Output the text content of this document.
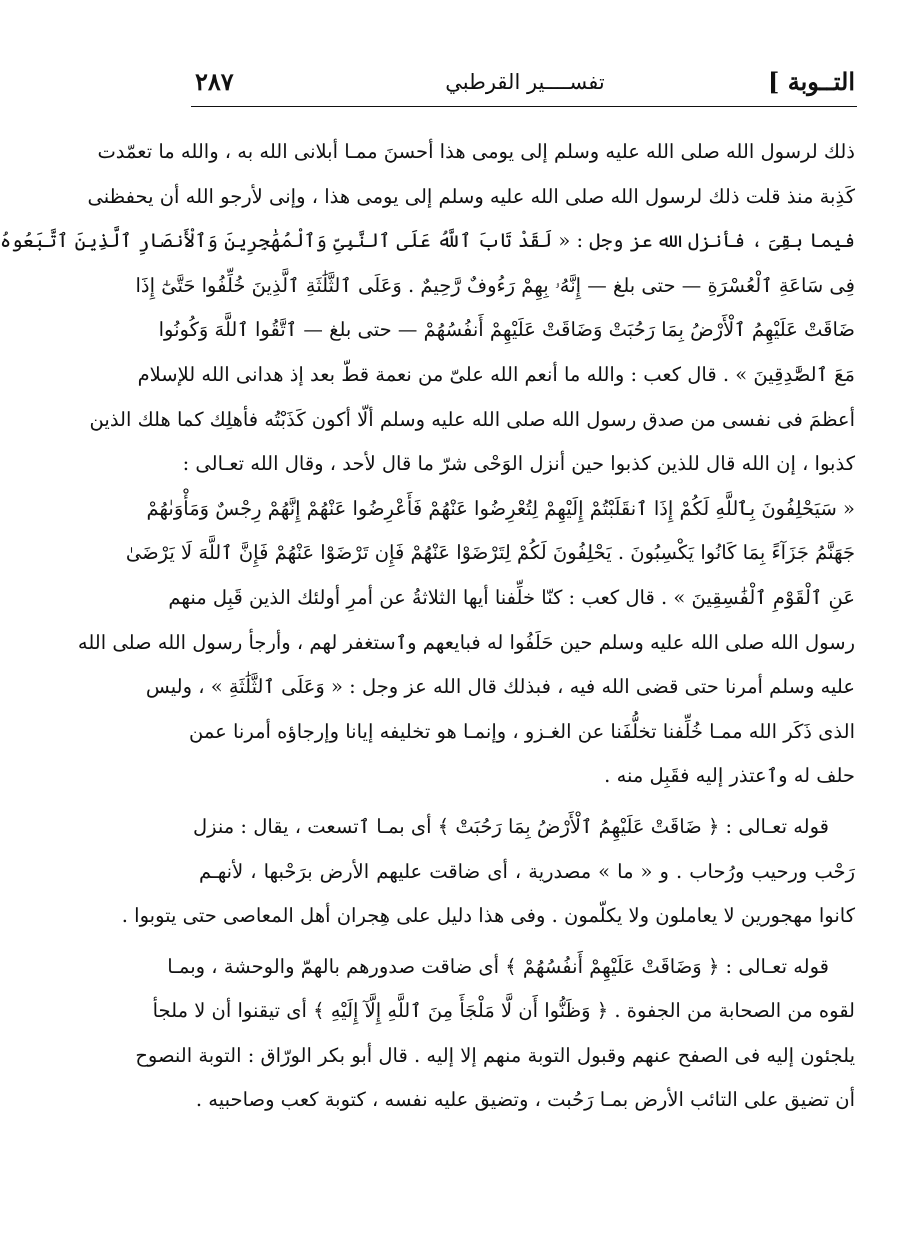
التــوبة ]
تفســــير القرطبي
٢٨٧
ذلك لرسول الله صلى الله عليه وسلم إلى يومى هذا أحسنَ ممـا أبلانى الله به ، والله ما تعمّدت
كَذِبة منذ قلت ذلك لرسول الله صلى الله عليه وسلم إلى يومى هذا ، وإنى لأرجو الله أن يحفظنى
فيما بقِىَ ، فأنزل الله عز وجل : « لَقَدْ تَابَ ٱللَّهُ عَلَى ٱلنَّبِىِّ وَٱلْمُهَٰجِرِينَ وَٱلْأَنصَارِ ٱلَّذِينَ ٱتَّبَعُوهُ
فِى سَاعَةِ ٱلْعُسْرَةِ — حتى بلغ — إِنَّهُۥ بِهِمْ رَءُوفٌ رَّحِيمٌ . وَعَلَى ٱلثَّلَٰثَةِ ٱلَّذِينَ خُلِّفُوا حَتَّىٰٓ إِذَا
ضَاقَتْ عَلَيْهِمُ ٱلْأَرْضُ بِمَا رَحُبَتْ وَضَاقَتْ عَلَيْهِمْ أَنفُسُهُمْ — حتى بلغ — ٱتَّقُوا ٱللَّهَ وَكُونُوا
مَعَ ٱلصَّٰدِقِينَ » . قال كعب : والله ما أنعم الله علىّ من نعمة قطّ بعد إذ هدانى الله للإسلام
أعظمَ فى نفسى من صدق رسول الله صلى الله عليه وسلم ألّا أكون كَذَبْتُه فأهلِك كما هلك الذين
كذبوا ، إن الله قال للذين كذبوا حين أنزل الوَحْى شرّ ما قال لأحد ، وقال الله تعـالى :
« سَيَحْلِفُونَ بِٱللَّهِ لَكُمْ إِذَا ٱنقَلَبْتُمْ إِلَيْهِمْ لِتُعْرِضُوا عَنْهُمْ فَأَعْرِضُوا عَنْهُمْ إِنَّهُمْ رِجْسٌ وَمَأْوَىٰهُمْ
جَهَنَّمُ جَزَآءً بِمَا كَانُوا يَكْسِبُونَ . يَحْلِفُونَ لَكُمْ لِتَرْضَوْا عَنْهُمْ فَإِن تَرْضَوْا عَنْهُمْ فَإِنَّ ٱللَّهَ لَا يَرْضَىٰ
عَنِ ٱلْقَوْمِ ٱلْفَٰسِقِينَ » . قال كعب : كنّا خلِّفنا أيها الثلاثةُ عن أمرِ أولئك الذين قَبِل منهم
رسول الله صلى الله عليه وسلم حين حَلَفُوا له فبايعهم وٱستغفر لهم ، وأرجأ رسول الله صلى الله
عليه وسلم أمرنا حتى قضى الله فيه ، فبذلك قال الله عز وجل : « وَعَلَى ٱلثَّلَٰثَةِ » ، وليس
الذى ذَكَر الله ممـا خُلِّفنا تخلُّفَنا عن الغـزو ، وإنمـا هو تخليفه إيانا وإرجاؤه أمرنا عمن
حلف له وٱعتذر إليه فقَبِل منه .
قوله تعـالى : ﴿ ضَاقَتْ عَلَيْهِمُ ٱلْأَرْضُ بِمَا رَحُبَتْ ﴾ أى بمـا ٱتسعت ، يقال : منزل
رَحْب ورحيب ورُحاب . و « ما » مصدرية ، أى ضاقت عليهم الأرض برَحْبها ، لأنهـم
كانوا مهجورين لا يعاملون ولا يكلّمون . وفى هذا دليل على هِجران أهل المعاصى حتى يتوبوا .
قوله تعـالى : ﴿ وَضَاقَتْ عَلَيْهِمْ أَنفُسُهُمْ ﴾ أى ضاقت صدورهم بالهمّ والوحشة ، وبمـا
لقوه من الصحابة من الجفوة . ﴿ وَظَنُّوا أَن لَّا مَلْجَأَ مِنَ ٱللَّهِ إِلَّآ إِلَيْهِ ﴾ أى تيقنوا أن لا ملجأ
يلجئون إليه فى الصفح عنهم وقبول التوبة منهم إلا إليه . قال أبو بكر الورّاق : التوبة النصوح
أن تضيق على التائب الأرض بمـا رَحُبت ، وتضيق عليه نفسه ، كتوبة كعب وصاحبيه .
